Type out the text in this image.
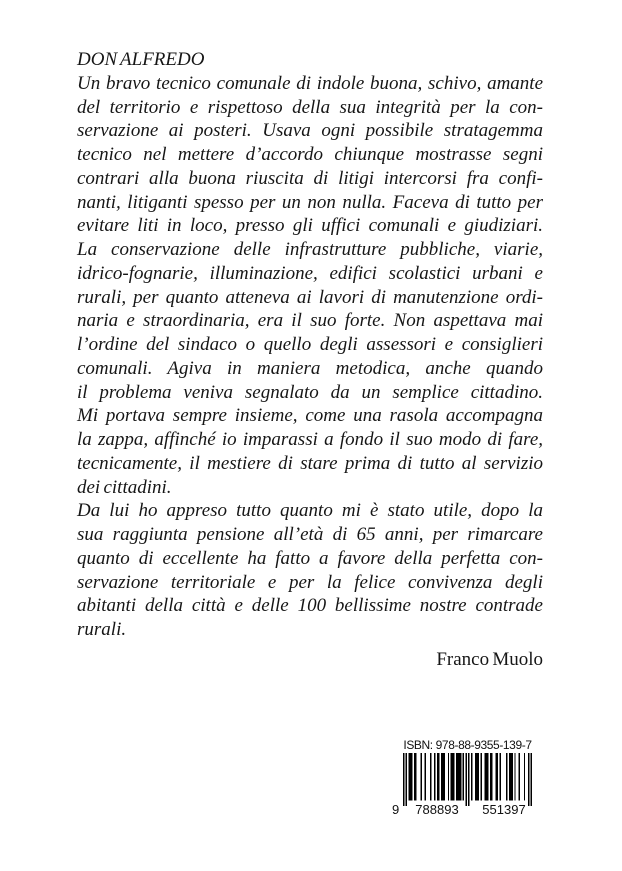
DON ALFREDO
Un bravo tecnico comunale di indole buona, schivo, amante
del territorio e rispettoso della sua integrità per la con-
servazione ai posteri. Usava ogni possibile stratagemma
tecnico nel mettere d’accordo chiunque mostrasse segni
contrari alla buona riuscita di litigi intercorsi fra confi-
nanti, litiganti spesso per un non nulla. Faceva di tutto per
evitare liti in loco, presso gli uffici comunali e giudiziari.
La conservazione delle infrastrutture pubbliche, viarie,
idrico-fognarie, illuminazione, edifici scolastici urbani e
rurali, per quanto atteneva ai lavori di manutenzione ordi-
naria e straordinaria, era il suo forte. Non aspettava mai
l’ordine del sindaco o quello degli assessori e consiglieri
comunali. Agiva in maniera metodica, anche quando
il problema veniva segnalato da un semplice cittadino.
Mi portava sempre insieme, come una rasola accompagna
la zappa, affinché io imparassi a fondo il suo modo di fare,
tecnicamente, il mestiere di stare prima di tutto al servizio
dei cittadini.
Da lui ho appreso tutto quanto mi è stato utile, dopo la
sua raggiunta pensione all’età di 65 anni, per rimarcare
quanto di eccellente ha fatto a favore della perfetta con-
servazione territoriale e per la felice convivenza degli
abitanti della città e delle 100 bellissime nostre contrade
rurali.
Franco Muolo
ISBN: 978-88-9355-139-7
9	788893	551397
